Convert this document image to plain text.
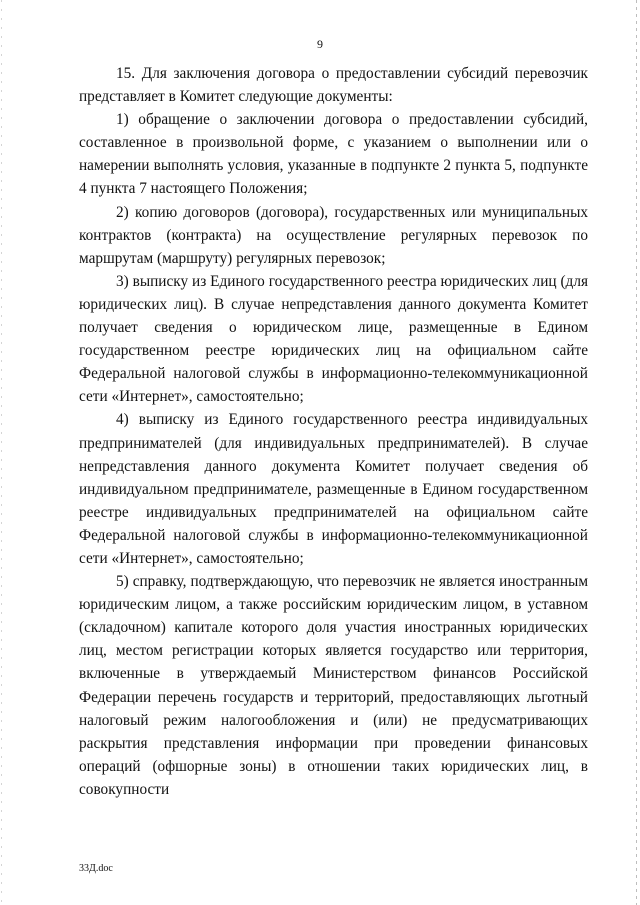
9

15. Для заключения договора о предоставлении субсидий перевозчик представляет в Комитет следующие документы:

1) обращение о заключении договора о предоставлении субсидий, составленное в произвольной форме, с указанием о выполнении или о намерении выполнять условия, указанные в подпункте 2 пункта 5, подпункте 4 пункта 7 настоящего Положения;

2) копию договоров (договора), государственных или муниципальных контрактов (контракта) на осуществление регулярных перевозок по маршрутам (маршруту) регулярных перевозок;

3) выписку из Единого государственного реестра юридических лиц (для юридических лиц). В случае непредставления данного документа Комитет получает сведения о юридическом лице, размещенные в Едином государственном реестре юридических лиц на официальном сайте Федеральной налоговой службы в информационно-телекоммуникационной сети «Интернет», самостоятельно;

4) выписку из Единого государственного реестра индивидуальных предпринимателей (для индивидуальных предпринимателей). В случае непредставления данного документа Комитет получает сведения об индивидуальном предпринимателе, размещенные в Едином государственном реестре индивидуальных предпринимателей на официальном сайте Федеральной налоговой службы в информационно-телекоммуникационной сети «Интернет», самостоятельно;

5) справку, подтверждающую, что перевозчик не является иностранным юридическим лицом, а также российским юридическим лицом, в уставном (складочном) капитале которого доля участия иностранных юридических лиц, местом регистрации которых является государство или территория, включенные в утверждаемый Министерством финансов Российской Федерации перечень государств и территорий, предоставляющих льготный налоговый режим налогообложения и (или) не предусматривающих раскрытия представления информации при проведении финансовых операций (офшорные зоны) в отношении таких юридических лиц, в совокупности

33Д.doc
